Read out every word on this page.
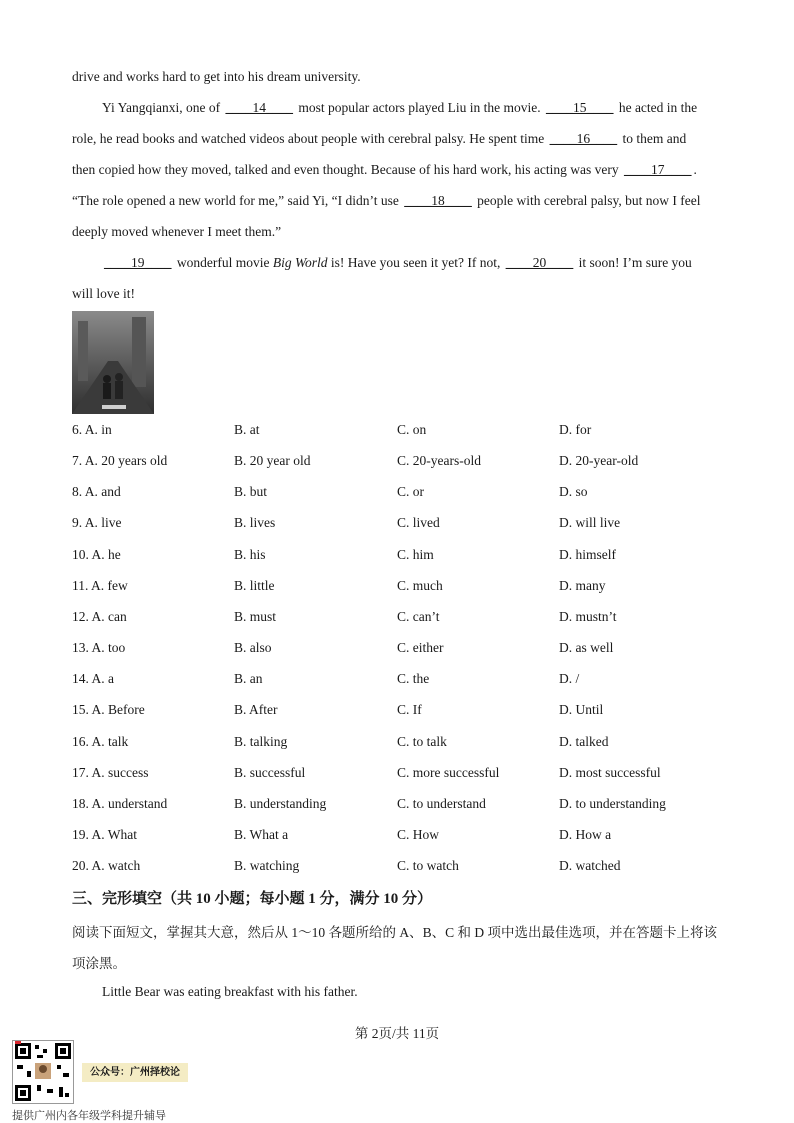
drive and works hard to get into his dream university.
Yi Yangqianxi, one of ____14____ most popular actors played Liu in the movie. ____15____ he acted in the
role, he read books and watched videos about people with cerebral palsy. He spent time ____16____ to them and
then copied how they moved, talked and even thought. Because of his hard work, his acting was very ____17____ .
“The role opened a new world for me,” said Yi, “I didn’t use ____18____ people with cerebral palsy, but now I feel
deeply moved whenever I meet them.”
____19____ wonderful movie Big World is! Have you seen it yet? If not, ____20____ it soon! I’m sure you
will love it!
6. A. in	B. at	C. on	D. for
7. A. 20 years old	B. 20 year old	C. 20-years-old	D. 20-year-old
8. A. and	B. but	C. or	D. so
9. A. live	B. lives	C. lived	D. will live
10. A. he	B. his	C. him	D. himself
11. A. few	B. little	C. much	D. many
12. A. can	B. must	C. can’t	D. mustn’t
13. A. too	B. also	C. either	D. as well
14. A. a	B. an	C. the	D. /
15. A. Before	B. After	C. If	D. Until
16. A. talk	B. talking	C. to talk	D. talked
17. A. success	B. successful	C. more successful	D. most successful
18. A. understand	B. understanding	C. to understand	D. to understanding
19. A. What	B. What a	C. How	D. How a
20. A. watch	B. watching	C. to watch	D. watched
三、完形填空（共 10 小题；每小题 1 分，满分 10 分）
阅读下面短文，掌握其大意，然后从 1～10 各题所给的 A、B、C 和 D 项中选出最佳选项，并在答题卡上将该项涂黑。
Little Bear was eating breakfast with his father.
第 2页/共 11页
公众号：广州择校论
提供广州内各年级学科提升辅导
